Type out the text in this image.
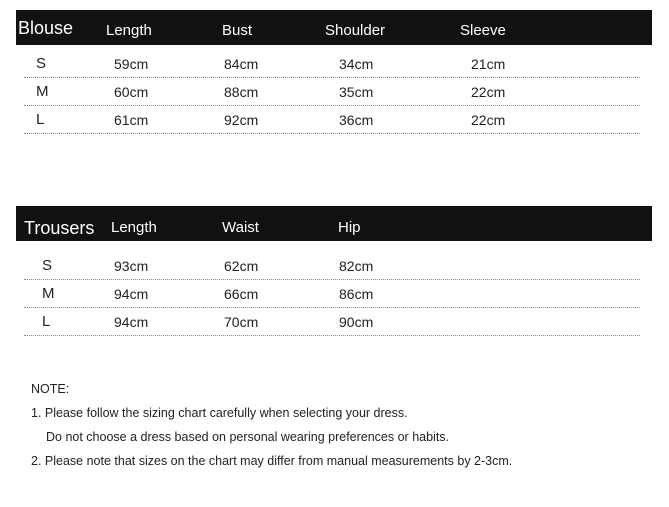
Blouse Length	Bust	Shoulder	Sleeve
S	59cm	84cm	34cm	21cm
M	60cm	88cm	35cm	22cm
L	61cm	92cm	36cm	22cm
Trousers Length	Waist	Hip
S	93cm	62cm	82cm
M	94cm	66cm	86cm
L	94cm	70cm	90cm
NOTE:
1. Please follow the sizing chart carefully when selecting your dress.
Do not choose a dress based on personal wearing preferences or habits.
2. Please note that sizes on the chart may differ from manual measurements by 2-3cm.
